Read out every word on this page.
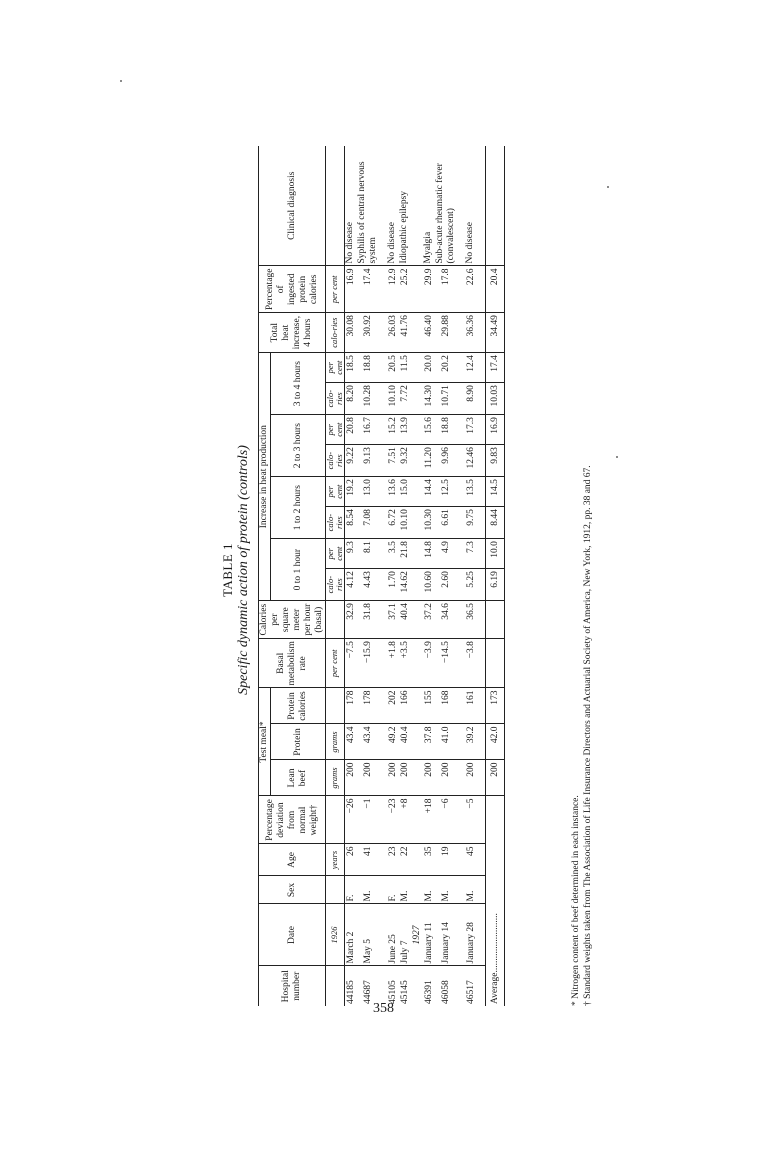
TABLE 1 Specific dynamic action of protein (controls)
Hospital number	Date	Sex	Age	Percentage deviation from normal weight†	Test meal*			Basal metabolism rate	Calories per square meter per hour (basal)	Increase in heat production								Total heat increase, 4 hours	Percentage of ingested protein calories	Clinical diagnosis
					Lean beef	Protein	Protein calories			0 to 1 hour		1 to 2 hours		2 to 3 hours		3 to 4 hours				

	1926		years		grams	grams		per cent		calo-ries	per cent	calo-ries	per cent	calo-ries	per cent	calo-ries	per cent	calo-ries	per cent	
44185	March 2	F.	26	−26	200	43.4	178	−7.5	32.9	4.12	9.3	8.54	19.2	9.22	20.8	8.20	18.5	30.08	16.9	No disease
44687	May 5	M.	41	−1	200	43.4	178	−15.9	31.8	4.43	8.1	7.08	13.0	9.13	16.7	10.28	18.8	30.92	17.4	Syphilis of central nervous system
45105	June 25	F.	23	−23	200	49.2	202	+1.8	37.1	1.70	3.5	6.72	13.6	7.51	15.2	10.10	20.5	26.03	12.9	No disease
45145	July 7	M.	22	+8	200	40.4	166	+3.5	40.4	14.62	21.8	10.10	15.0	9.32	13.9	7.72	11.5	41.76	25.2	Idiopathic epilepsy
	1927																			
46391	January 11	M.	35	+18	200	37.8	155	−3.9	37.2	10.60	14.8	10.30	14.4	11.20	15.6	14.30	20.0	46.40	29.9	Myalgia
46058	January 14	M.	19	−6	200	41.0	168	−14.5	34.6	2.60	4.9	6.61	12.5	9.96	18.8	10.71	20.2	29.88	17.8	Sub-acute rheumatic fever (convalescent)
46517	January 28	M.	45	−5	200	39.2	161	−3.8	36.5	5.25	7.3	9.75	13.5	12.46	17.3	8.90	12.4	36.36	22.6	No disease
Average.........................					200	42.0	173			6.19	10.0	8.44	14.5	9.83	16.9	10.03	17.4	34.49	20.4	
* Nitrogen content of beef determined in each instance. † Standard weights taken from The Association of Life Insurance Directors and Actuarial Society of America, New York, 1912, pp. 38 and 67.
358
